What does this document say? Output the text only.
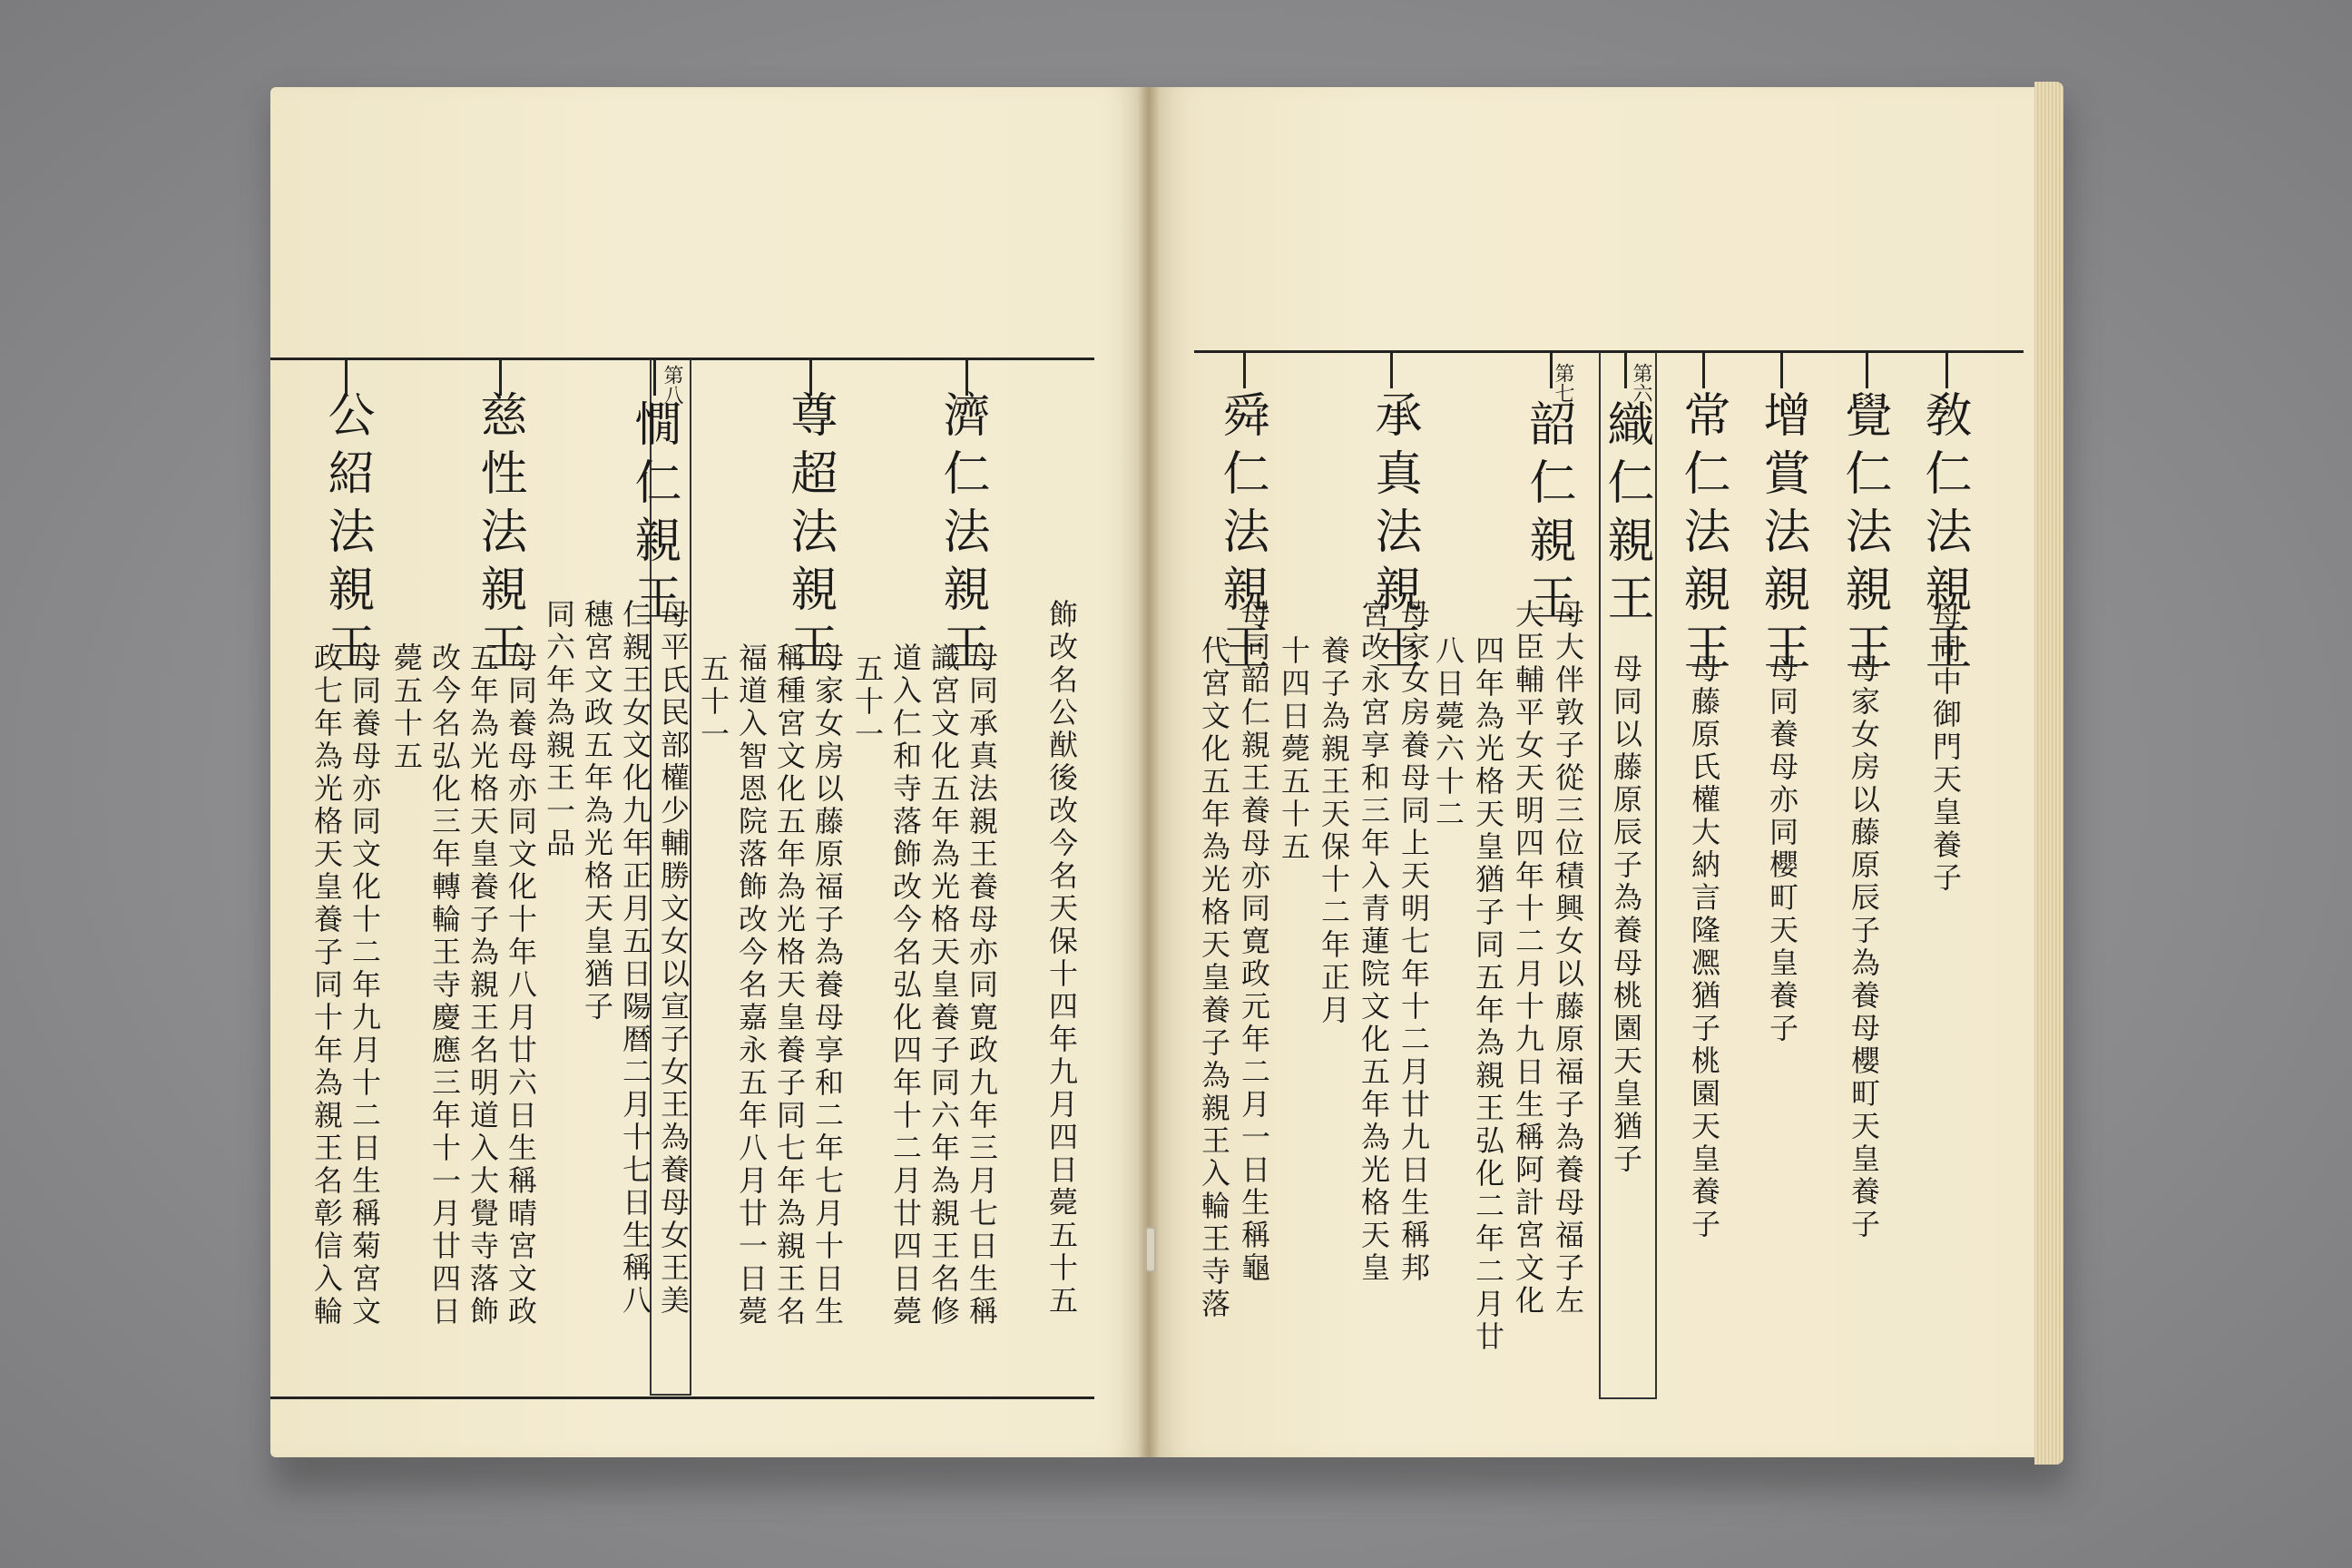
敎仁法親王
母同中御門天皇養子
覺仁法親王
母家女房以藤原辰子為養母櫻町天皇養子
增賞法親王
母同養母亦同櫻町天皇養子
常仁法親王
母藤原氏權大納言隆凞猶子桃園天皇養子
第六
織仁親王
母同以藤原辰子為養母桃園天皇猶子
第七
韶仁親王
母大伴敦子從三位積興女以藤原福子為養母福子左
大臣輔平女天明四年十二月十九日生稱阿計宮文化
四年為光格天皇猶子同五年為親王弘化二年二月廿
八日薨六十二
承真法親王
母家女房養母同上天明七年十二月廿九日生稱邦
宮改永宮享和三年入青蓮院文化五年為光格天皇
養子為親王天保十二年正月
十四日薨五十五
舜仁法親王
母同韶仁親王養母亦同寛政元年二月一日生稱龜
代宮文化五年為光格天皇養子為親王入輪王寺落
飾改名公猷後改今名天保十四年九月四日薨五十五
濟仁法親王
母同承真法親王養母亦同寛政九年三月七日生稱
識宮文化五年為光格天皇養子同六年為親王名修
道入仁和寺落飾改今名弘化四年十二月廿四日薨
五十一
尊超法親王
母家女房以藤原福子為養母享和二年七月十日生
稱種宮文化五年為光格天皇養子同七年為親王名
福道入智恩院落飾改今名嘉永五年八月廿一日薨
五十一
第八
憪仁親王
母平氏民部權少輔勝文女以宣子女王為養母女王美
仁親王女文化九年正月五日陽暦二月十七日生稱八
穗宮文政五年為光格天皇猶子
同六年為親王一品
慈性法親王
母同養母亦同文化十年八月廿六日生稱晴宮文政
五年為光格天皇養子為親王名明道入大覺寺落飾
改今名弘化三年轉輪王寺慶應三年十一月廿四日
薨五十五
公紹法親王
母同養母亦同文化十二年九月十二日生稱菊宮文
政七年為光格天皇養子同十年為親王名彰信入輪
